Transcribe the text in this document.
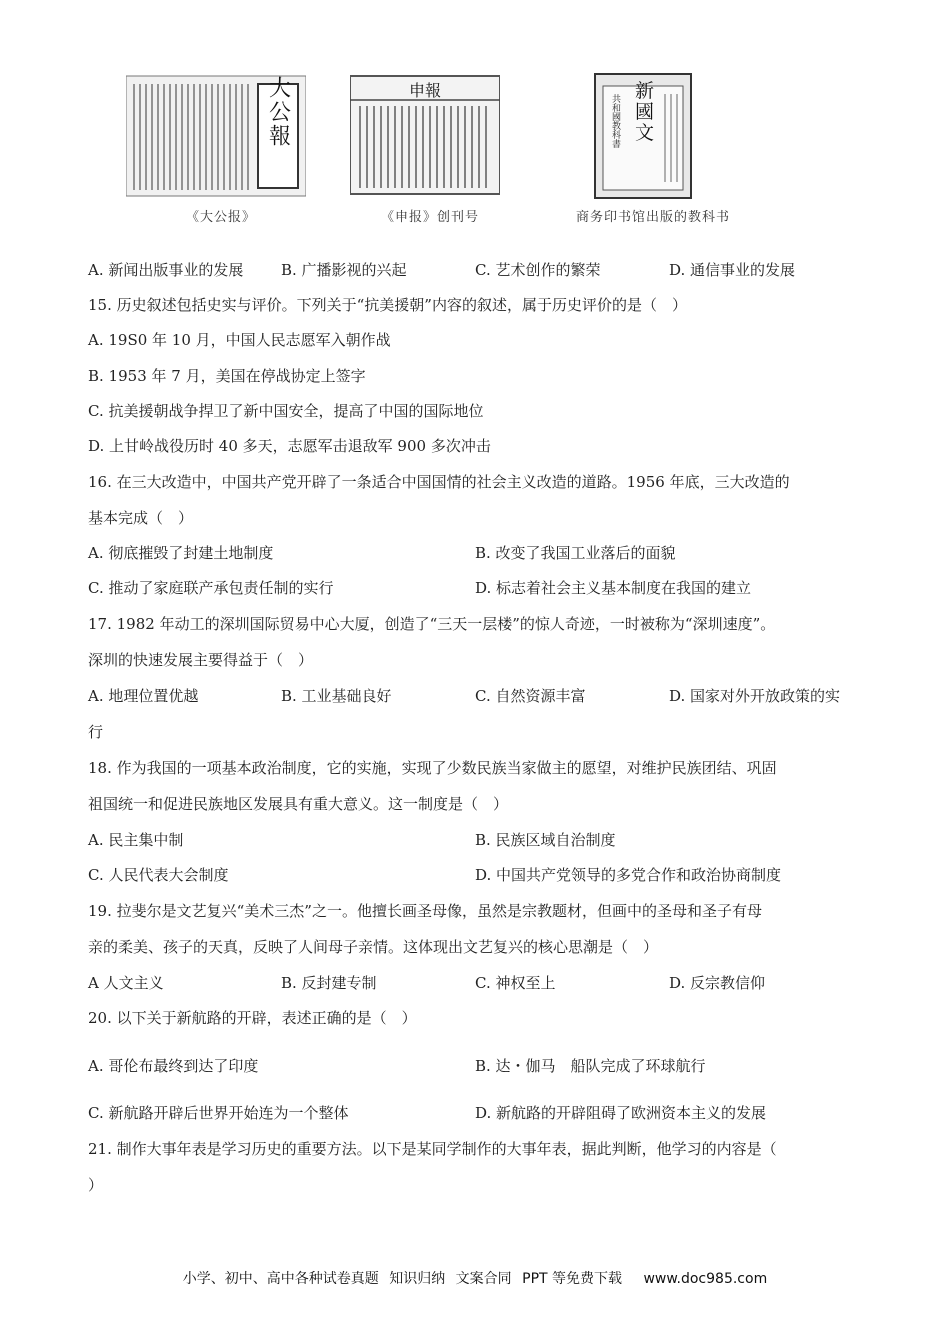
大公報
《大公报》
申報
《申报》创刊号
共和國教科書 新國文
商务印书馆出版的教科书
A. 新闻出版事业的发展	B. 广播影视的兴起	C. 艺术创作的繁荣	D. 通信事业的发展
15. 历史叙述包括史实与评价。下列关于“抗美援朝”内容的叙述，属于历史评价的是（　）
A. 19S0 年 10 月，中国人民志愿军入朝作战
B. 1953 年 7 月，美国在停战协定上签字
C. 抗美援朝战争捍卫了新中国安全，提高了中国的国际地位
D. 上甘岭战役历时 40 多天，志愿军击退敌军 900 多次冲击
16. 在三大改造中，中国共产党开辟了一条适合中国国情的社会主义改造的道路。1956 年底，三大改造的
基本完成（　）
A. 彻底摧毁了封建土地制度	B. 改变了我国工业落后的面貌
C. 推动了家庭联产承包责任制的实行	D. 标志着社会主义基本制度在我国的建立
17. 1982 年动工的深圳国际贸易中心大厦，创造了“三天一层楼”的惊人奇迹，一时被称为“深圳速度”。
深圳的快速发展主要得益于（　）
A. 地理位置优越	B. 工业基础良好	C. 自然资源丰富	D. 国家对外开放政策的实
行
18. 作为我国的一项基本政治制度，它的实施，实现了少数民族当家做主的愿望，对维护民族团结、巩固
祖国统一和促进民族地区发展具有重大意义。这一制度是（　）
A. 民主集中制	B. 民族区域自治制度
C. 人民代表大会制度	D. 中国共产党领导的多党合作和政治协商制度
19. 拉斐尔是文艺复兴“美术三杰”之一。他擅长画圣母像，虽然是宗教题材，但画中的圣母和圣子有母
亲的柔美、孩子的天真，反映了人间母子亲情。这体现出文艺复兴的核心思潮是（　）
A 人文主义	B. 反封建专制	C. 神权至上	D. 反宗教信仰
20. 以下关于新航路的开辟，表述正确的是（　）
A. 哥伦布最终到达了印度	B. 达・伽马　船队完成了环球航行
C. 新航路开辟后世界开始连为一个整体	D. 新航路的开辟阻碍了欧洲资本主义的发展
21. 制作大事年表是学习历史的重要方法。以下是某同学制作的大事年表，据此判断，他学习的内容是（
）
小学、初中、高中各种试卷真题 知识归纳 文案合同 PPT 等免费下载 www.doc985.com
